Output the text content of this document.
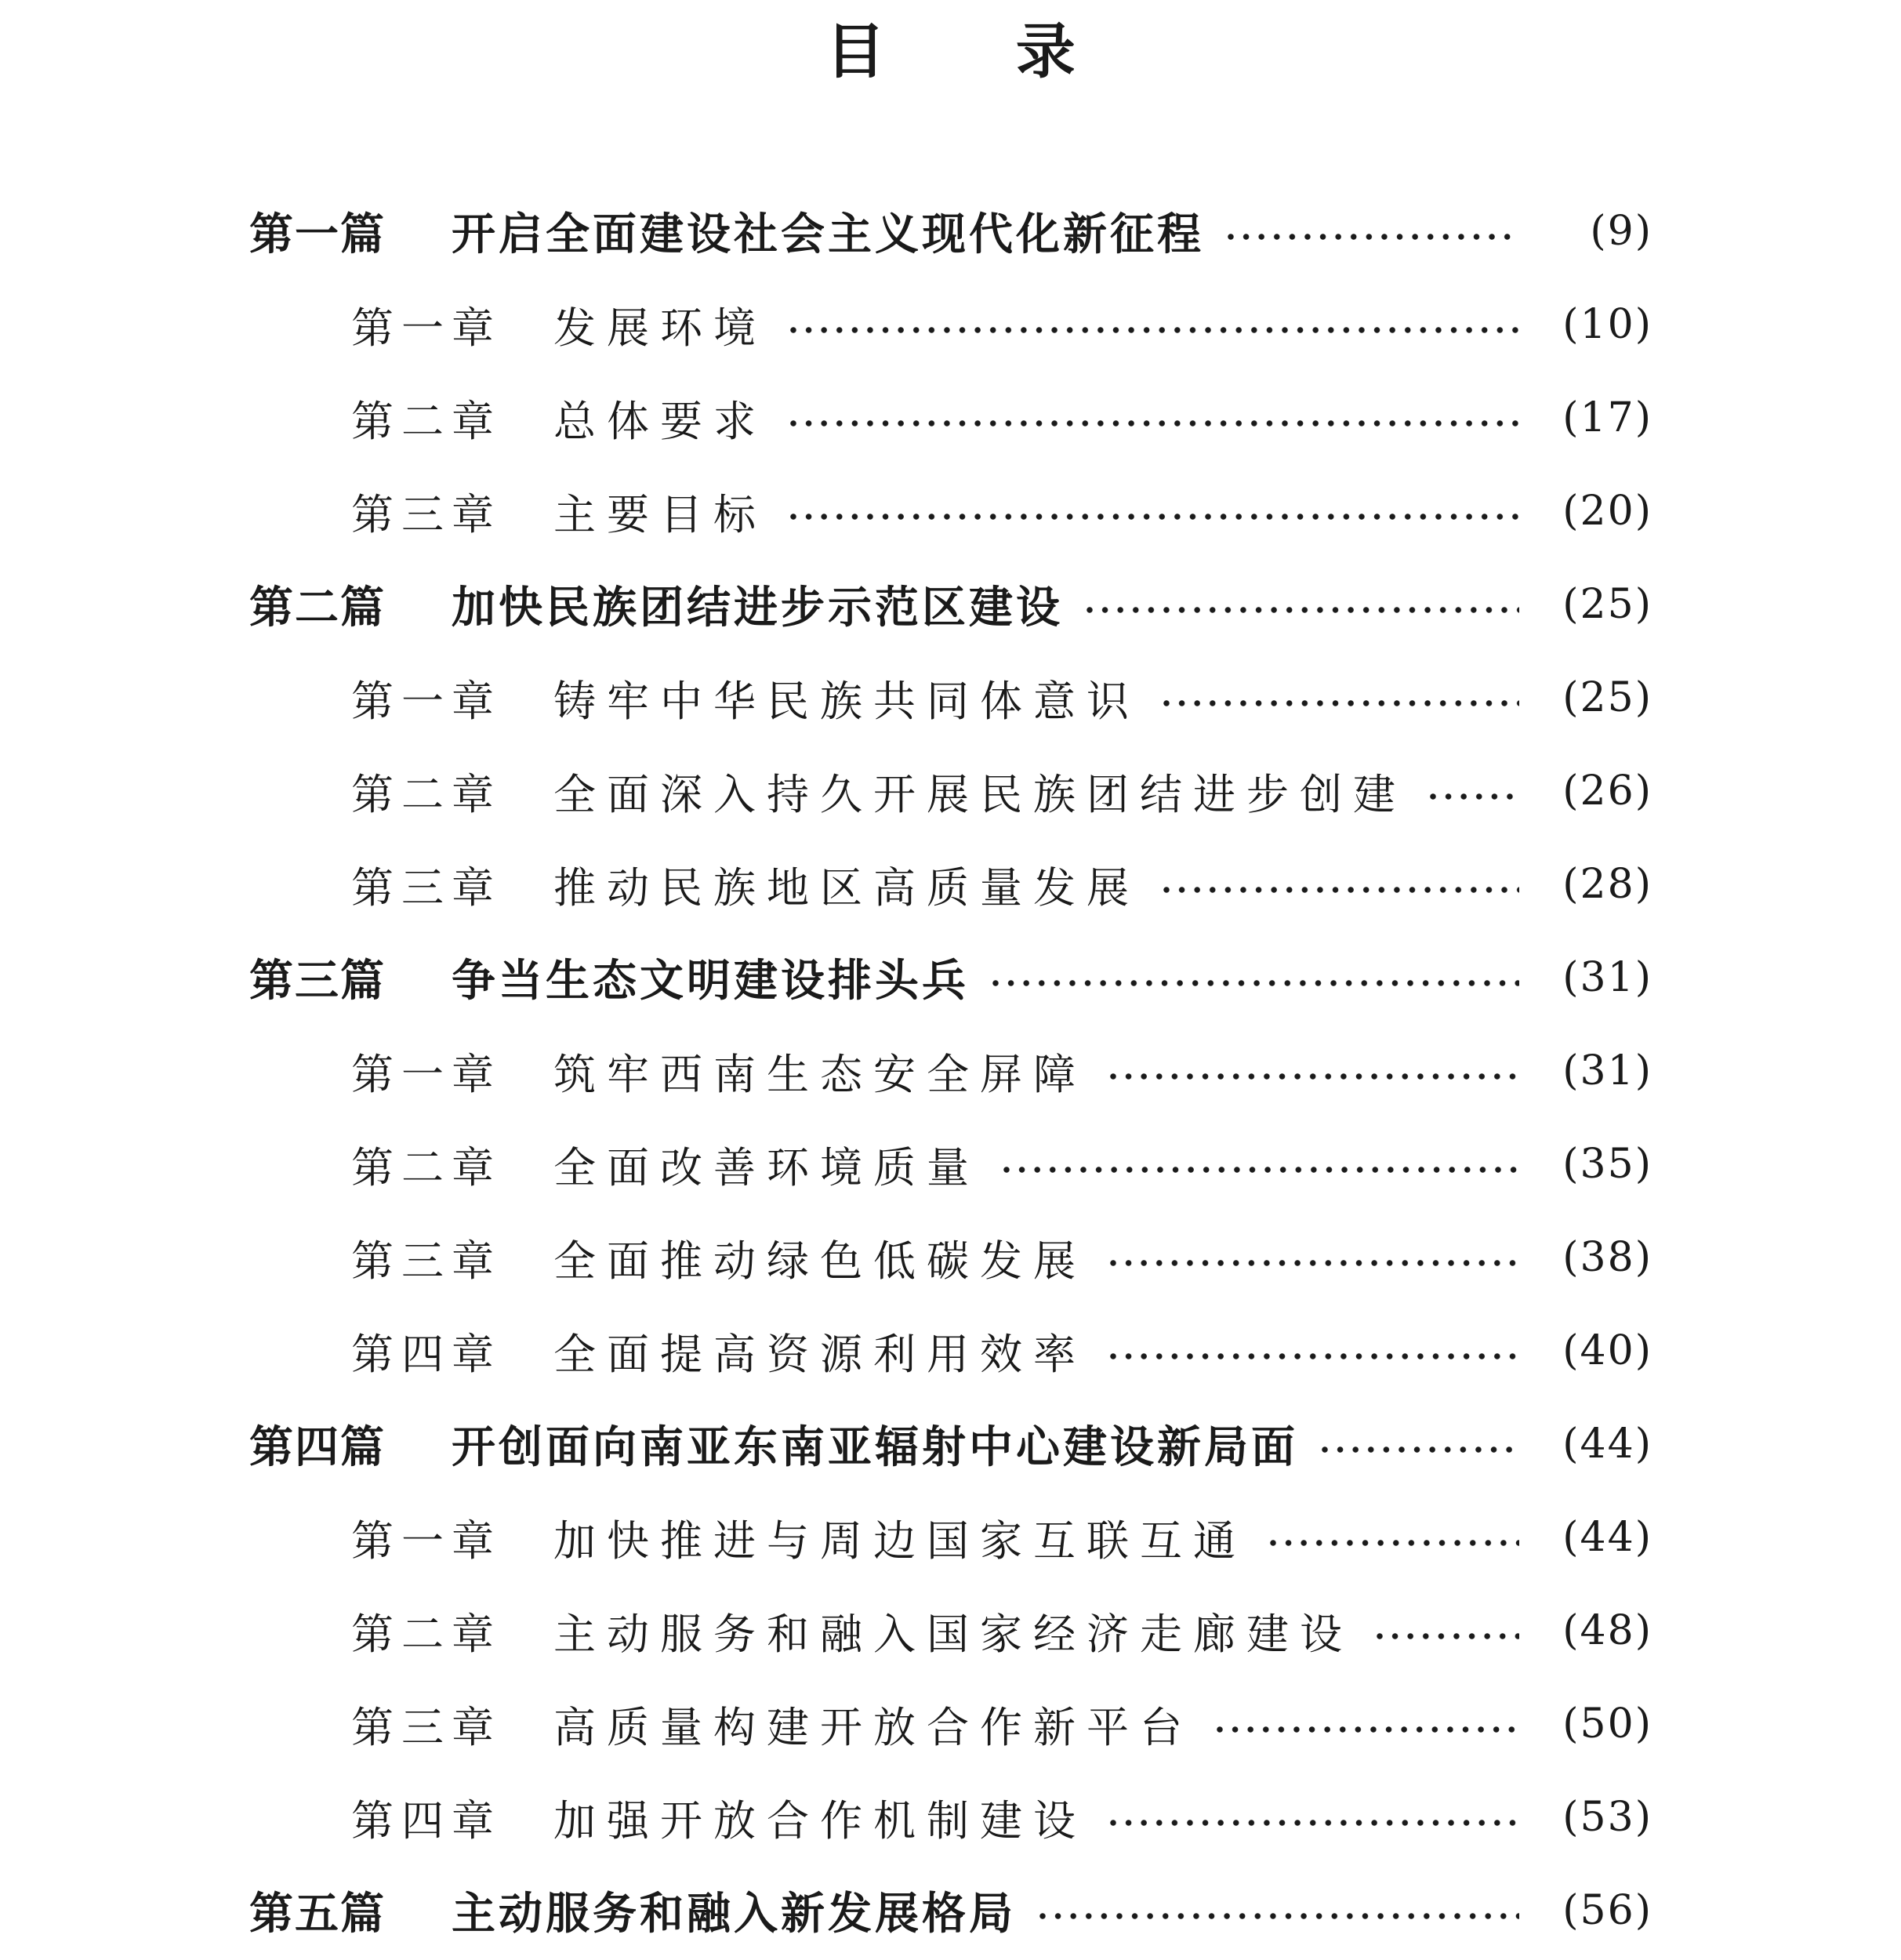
目 录
第一篇	开启全面建设社会主义现代化新征程	(9)
第一章	发展环境	(10)
第二章	总体要求	(17)
第三章	主要目标	(20)
第二篇	加快民族团结进步示范区建设	(25)
第一章	铸牢中华民族共同体意识	(25)
第二章	全面深入持久开展民族团结进步创建	(26)
第三章	推动民族地区高质量发展	(28)
第三篇	争当生态文明建设排头兵	(31)
第一章	筑牢西南生态安全屏障	(31)
第二章	全面改善环境质量	(35)
第三章	全面推动绿色低碳发展	(38)
第四章	全面提高资源利用效率	(40)
第四篇	开创面向南亚东南亚辐射中心建设新局面	(44)
第一章	加快推进与周边国家互联互通	(44)
第二章	主动服务和融入国家经济走廊建设	(48)
第三章	高质量构建开放合作新平台	(50)
第四章	加强开放合作机制建设	(53)
第五篇	主动服务和融入新发展格局	(56)
